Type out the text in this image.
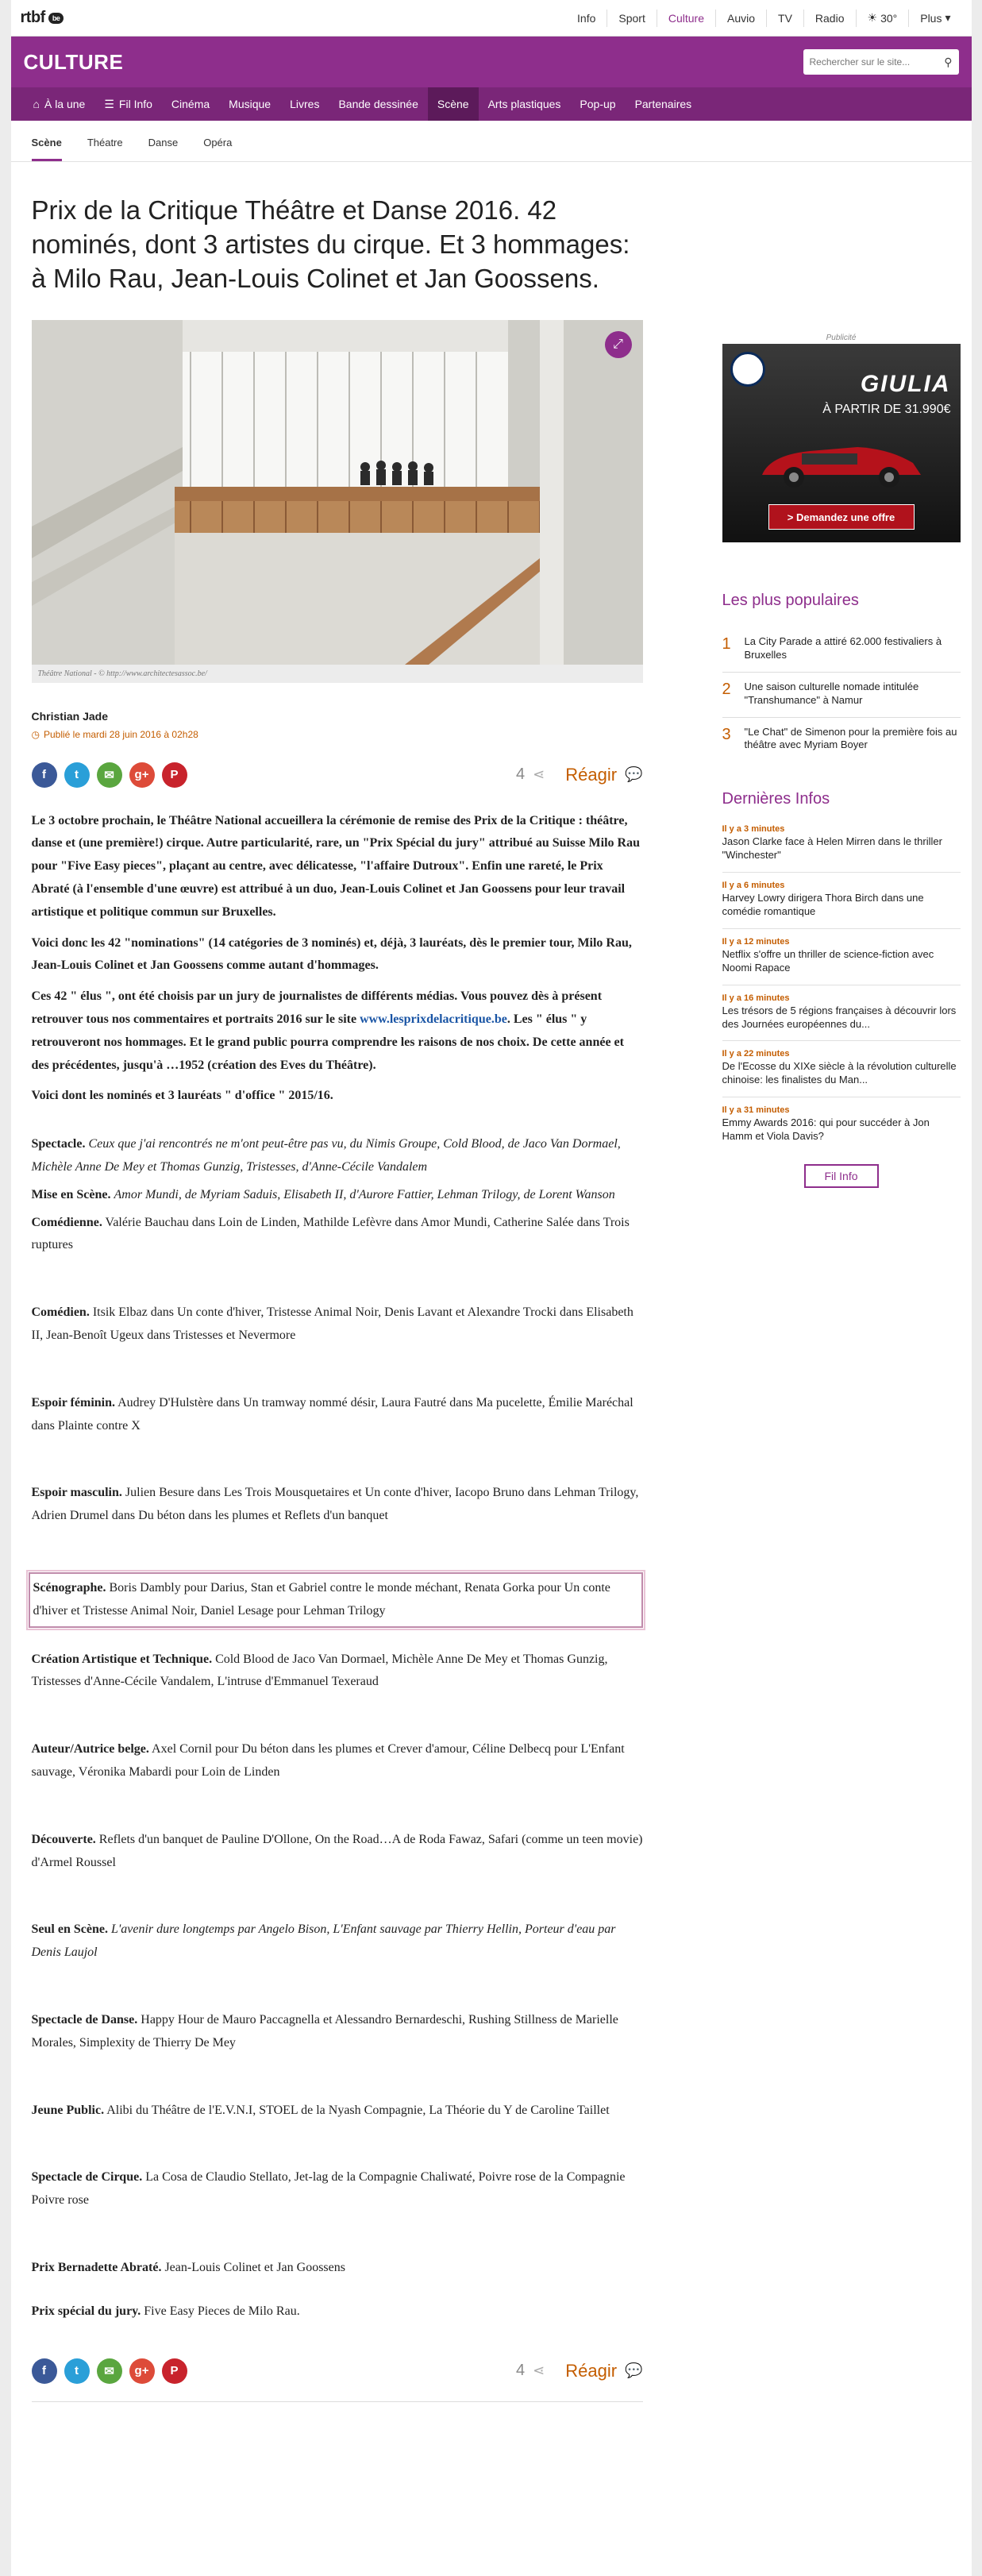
rtbf	be	Info	Sport	Culture	Auvio	TV	Radio	☀ 30° Plus ▾
CULTURE
Rechercher sur le site...	⚲
⌂ À la une ☰ Fil Info	Cinéma	Musique	Livres	Bande dessinée	Scène	Arts plastiques	Pop-up	Partenaires
Scène Théatre Danse Opéra
Prix de la Critique Théâtre et Danse 2016. 42 nominés, dont 3 artistes du cirque. Et 3 hommages: à Milo Rau, Jean-Louis Colinet et Jan Goossens.
⤢
Théâtre National - © http://www.architectesassoc.be/
Christian Jade
◷ Publié le mardi 28 juin 2016 à 02h28
f	t	✉	g+	P	4 ⋖ Réagir 💬

Le 3 octobre prochain, le Théâtre National accueillera la cérémonie de remise des Prix de la Critique : théâtre, danse et (une première!) cirque. Autre particularité, rare, un "Prix Spécial du jury" attribué au Suisse Milo Rau pour "Five Easy pieces", plaçant au centre, avec délicatesse, "l'affaire Dutroux". Enfin une rareté, le Prix Abraté (à l'ensemble d'une œuvre) est attribué à un duo, Jean-Louis Colinet et Jan Goossens pour leur travail artistique et politique commun sur Bruxelles.

Voici donc les 42 "nominations" (14 catégories de 3 nominés) et, déjà, 3 lauréats, dès le premier tour, Milo Rau, Jean-Louis Colinet et Jan Goossens comme autant d'hommages.

Ces 42 " élus ", ont été choisis par un jury de journalistes de différents médias. Vous pouvez dès à présent retrouver tous nos commentaires et portraits 2016 sur le site www.lesprixdelacritique.be. Les " élus " y retrouveront nos hommages. Et le grand public pourra comprendre les raisons de nos choix. De cette année et des précédentes, jusqu'à …1952 (création des Eves du Théâtre).

Voici dont les nominés et 3 lauréats " d'office " 2015/16.

Spectacle. Ceux que j'ai rencontrés ne m'ont peut-être pas vu, du Nimis Groupe, Cold Blood, de Jaco Van Dormael, Michèle Anne De Mey et Thomas Gunzig, Tristesses, d'Anne-Cécile Vandalem
Mise en Scène. Amor Mundi, de Myriam Saduis, Elisabeth II, d'Aurore Fattier, Lehman Trilogy, de Lorent Wanson
Comédienne. Valérie Bauchau dans Loin de Linden, Mathilde Lefèvre dans Amor Mundi, Catherine Salée dans Trois ruptures
Comédien. Itsik Elbaz dans Un conte d'hiver, Tristesse Animal Noir, Denis Lavant et Alexandre Trocki dans Elisabeth II, Jean-Benoît Ugeux dans Tristesses et Nevermore
Espoir féminin. Audrey D'Hulstère dans Un tramway nommé désir, Laura Fautré dans Ma pucelette, Émilie Maréchal dans Plainte contre X
Espoir masculin. Julien Besure dans Les Trois Mousquetaires et Un conte d'hiver, Iacopo Bruno dans Lehman Trilogy, Adrien Drumel dans Du béton dans les plumes et Reflets d'un banquet
Scénographe. Boris Dambly pour Darius, Stan et Gabriel contre le monde méchant, Renata Gorka pour Un conte d'hiver et Tristesse Animal Noir, Daniel Lesage pour Lehman Trilogy
Création Artistique et Technique. Cold Blood de Jaco Van Dormael, Michèle Anne De Mey et Thomas Gunzig, Tristesses d'Anne-Cécile Vandalem, L'intruse d'Emmanuel Texeraud
Auteur/Autrice belge. Axel Cornil pour Du béton dans les plumes et Crever d'amour, Céline Delbecq pour L'Enfant sauvage, Véronika Mabardi pour Loin de Linden
Découverte. Reflets d'un banquet de Pauline D'Ollone, On the Road…A de Roda Fawaz, Safari (comme un teen movie) d'Armel Roussel
Seul en Scène. L'avenir dure longtemps par Angelo Bison, L'Enfant sauvage par Thierry Hellin, Porteur d'eau par Denis Laujol
Spectacle de Danse. Happy Hour de Mauro Paccagnella et Alessandro Bernardeschi, Rushing Stillness de Marielle Morales, Simplexity de Thierry De Mey
Jeune Public. Alibi du Théâtre de l'E.V.N.I, STOEL de la Nyash Compagnie, La Théorie du Y de Caroline Taillet
Spectacle de Cirque. La Cosa de Claudio Stellato, Jet-lag de la Compagnie Chaliwaté, Poivre rose de la Compagnie Poivre rose
Prix Bernadette Abraté. Jean-Louis Colinet et Jan Goossens
Prix spécial du jury. Five Easy Pieces de Milo Rau.
f	t	✉	g+	P	4 ⋖ Réagir 💬
Publicité
GIULIA
À PARTIR DE 31.990€
> Demandez une offre
Les plus populaires
1 La City Parade a attiré 62.000 festivaliers à Bruxelles
2 Une saison culturelle nomade intitulée "Transhumance" à Namur
3 "Le Chat" de Simenon pour la première fois au théâtre avec Myriam Boyer
Dernières Infos
Il y a 3 minutes
Jason Clarke face à Helen Mirren dans le thriller "Winchester"
Il y a 6 minutes
Harvey Lowry dirigera Thora Birch dans une comédie romantique
Il y a 12 minutes
Netflix s'offre un thriller de science-fiction avec Noomi Rapace
Il y a 16 minutes
Les trésors de 5 régions françaises à découvrir lors des Journées européennes du...
Il y a 22 minutes
De l'Ecosse du XIXe siècle à la révolution culturelle chinoise: les finalistes du Man...
Il y a 31 minutes
Emmy Awards 2016: qui pour succéder à Jon Hamm et Viola Davis?
Fil Info
